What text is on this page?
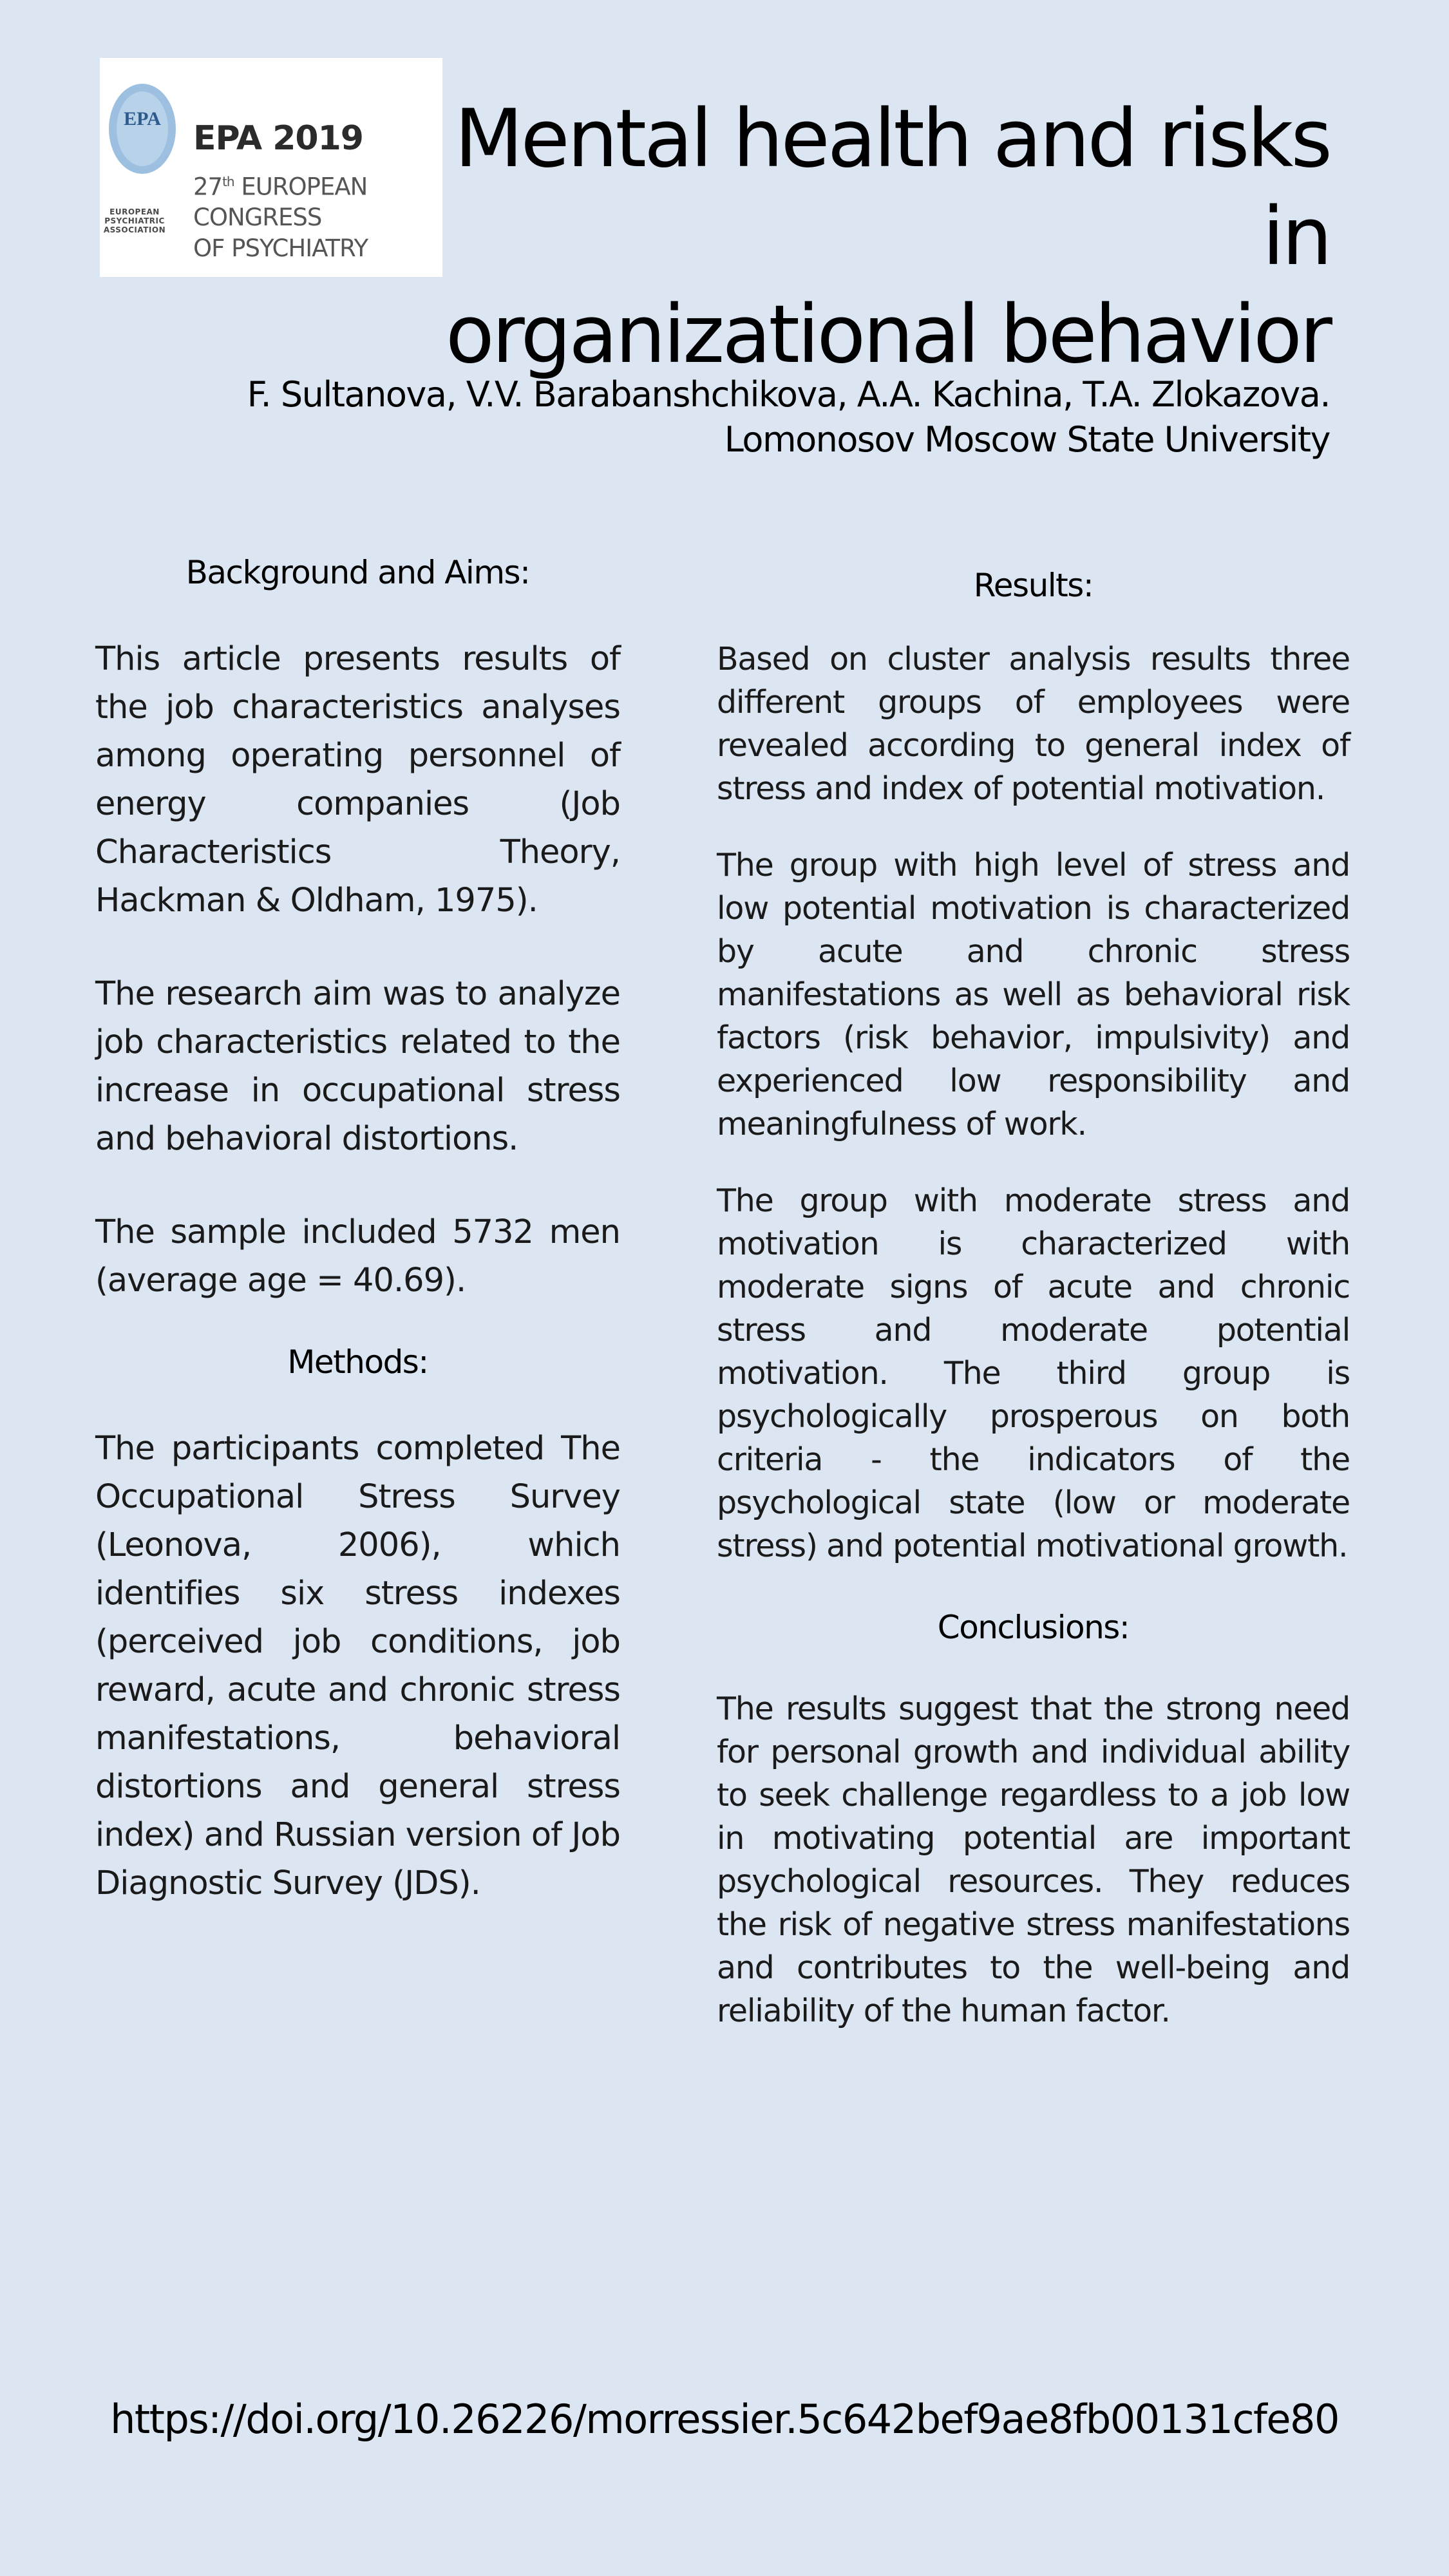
EPA
EUROPEAN PSYCHIATRIC ASSOCIATION
EPA 2019
27th EUROPEAN CONGRESS
OF PSYCHIATRY
Mental health and risks in
organizational behavior
F. Sultanova, V.V. Barabanshchikova, A.A. Kachina, T.A. Zlokazova.
Lomonosov Moscow State University
Background and Aims:

This article presents results of the job characteristics analyses among operating personnel of energy companies (Job Characteristics Theory, Hackman & Oldham, 1975).

The research aim was to analyze job characteristics related to the increase in occupational stress and behavioral distortions.

The sample included 5732 men (average age = 40.69).

Methods:

The participants completed The Occupational Stress Survey (Leonova, 2006), which identifies six stress indexes (perceived job conditions, job reward, acute and chronic stress manifestations, behavioral distortions and general stress index) and Russian version of Job Diagnostic Survey (JDS).

Results:

Based on cluster analysis results three different groups of employees were revealed according to general index of stress and index of potential motivation.

The group with high level of stress and low potential motivation is characterized by acute and chronic stress manifestations as well as behavioral risk factors (risk behavior, impulsivity) and experienced low responsibility and meaningfulness of work.

The group with moderate stress and motivation is characterized with moderate signs of acute and chronic stress and moderate potential motivation. The third group is psychologically prosperous on both criteria - the indicators of the psychological state (low or moderate stress) and potential motivational growth.

Conclusions:

The results suggest that the strong need for personal growth and individual ability to seek challenge regardless to a job low in motivating potential are important psychological resources. They reduces the risk of negative stress manifestations and contributes to the well-being and reliability of the human factor.

https://doi.org/10.26226/morressier.5c642bef9ae8fb00131cfe80
